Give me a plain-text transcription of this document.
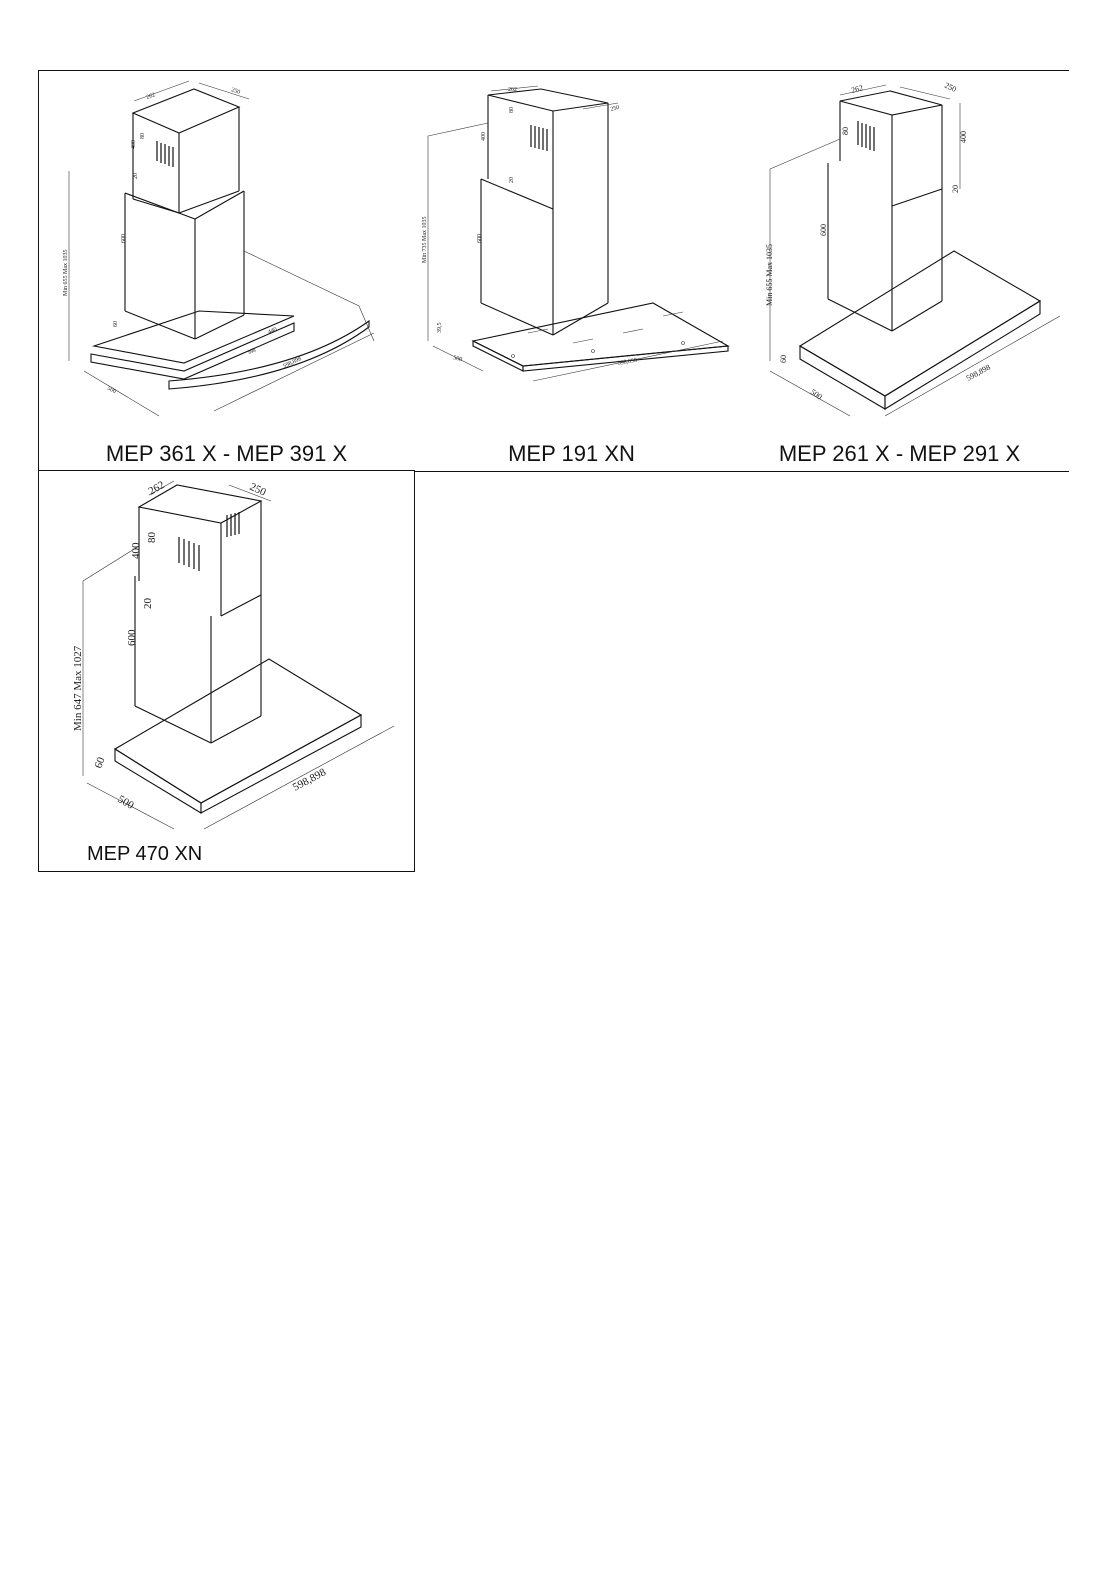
262
250
400
80
20
600
Min 655 Max 1035
60
500
598,898
440
898
MEP 361 X - MEP 391 X
262
250
400
80
20
600
Min 735 Max 1035
39,5
500	598,898
MEP 191 XN
262	250
400
80
20
600
Min 655 Max 1035
60
500
598,898
MEP 261 X - MEP 291 X
262	250
400
80
20
600
Min 647 Max 1027
60
500
598,898
MEP 470 XN
